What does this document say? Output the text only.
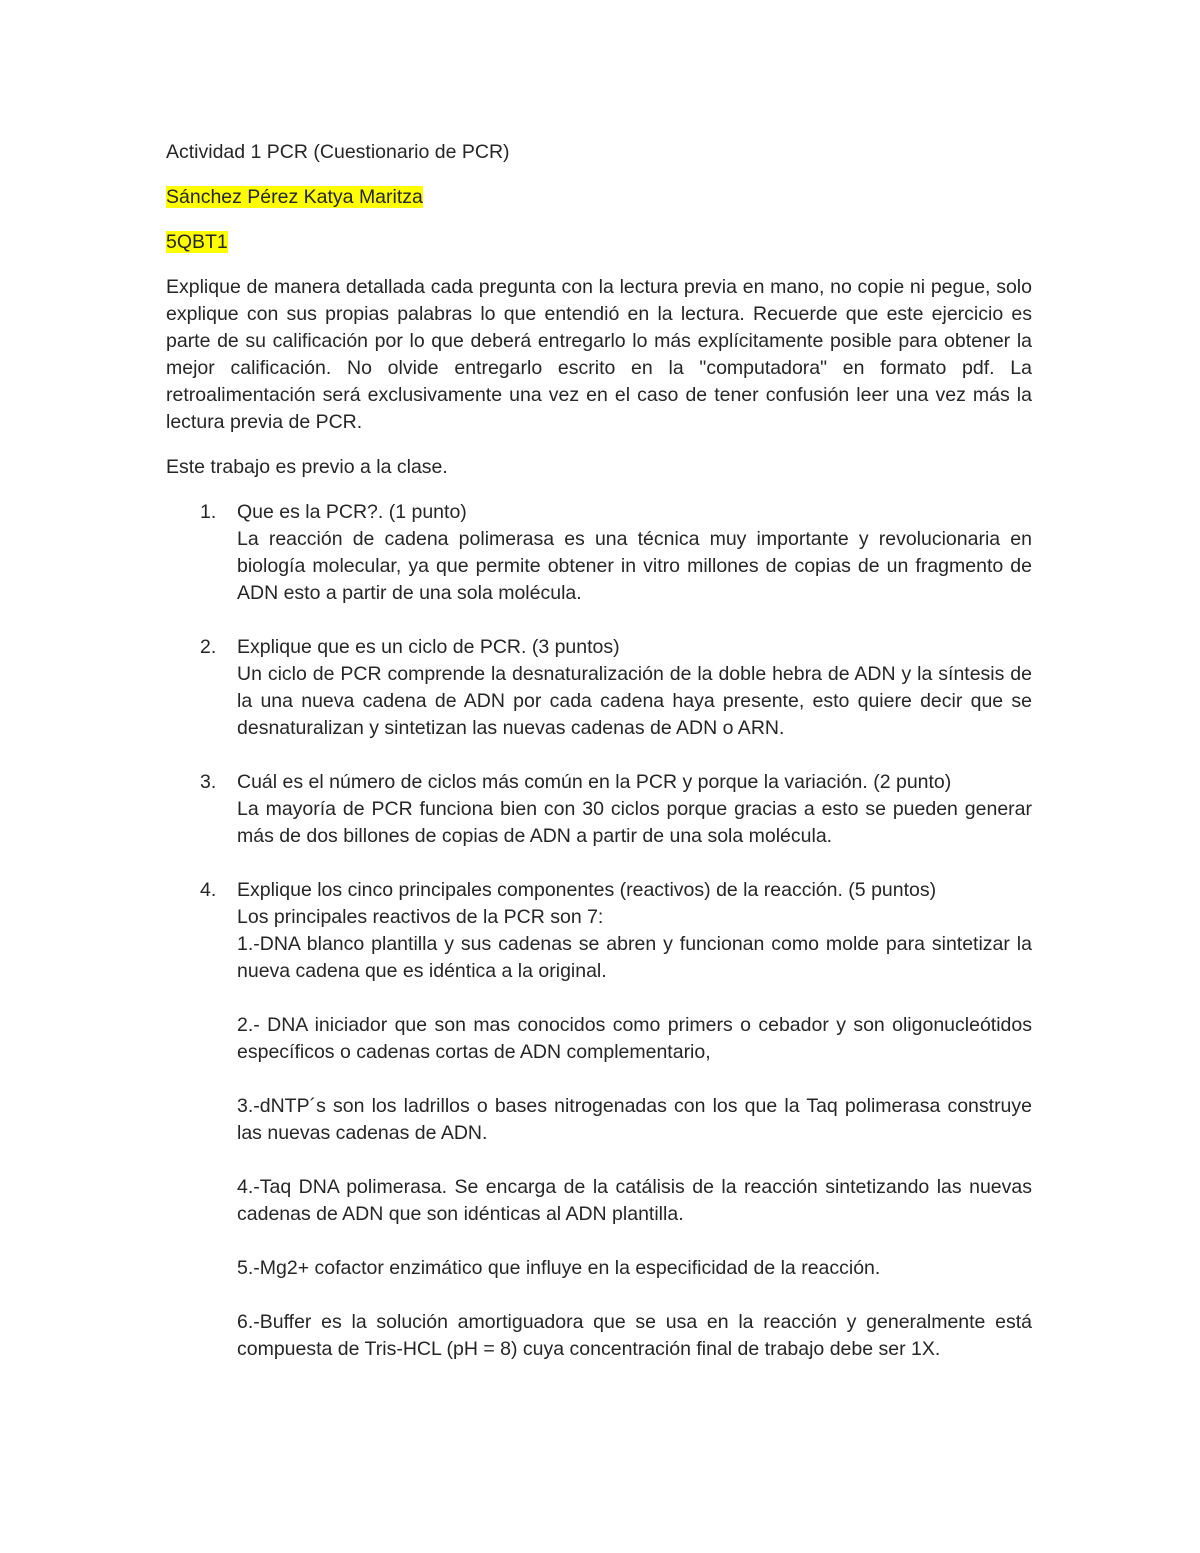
Actividad 1 PCR (Cuestionario de PCR)
Sánchez Pérez Katya Maritza
5QBT1
Explique de manera detallada cada pregunta con la lectura previa en mano, no copie ni pegue, solo explique con sus propias palabras lo que entendió en la lectura. Recuerde que este ejercicio es parte de su calificación por lo que deberá entregarlo lo más explícitamente posible para obtener la mejor calificación. No olvide entregarlo escrito en la "computadora" en formato pdf. La retroalimentación será exclusivamente una vez en el caso de tener confusión leer una vez más la lectura previa de PCR.
Este trabajo es previo a la clase.
1. Que es la PCR?. (1 punto)
La reacción de cadena polimerasa es una técnica muy importante y revolucionaria en biología molecular, ya que permite obtener in vitro millones de copias de un fragmento de ADN esto a partir de una sola molécula.
2. Explique que es un ciclo de PCR. (3 puntos)
Un ciclo de PCR comprende la desnaturalización de la doble hebra de ADN y la síntesis de la una nueva cadena de ADN por cada cadena haya presente, esto quiere decir que se desnaturalizan y sintetizan las nuevas cadenas de ADN o ARN.
3. Cuál es el número de ciclos más común en la PCR y porque la variación. (2 punto)
La mayoría de PCR funciona bien con 30 ciclos porque gracias a esto se pueden generar más de dos billones de copias de ADN a partir de una sola molécula.
4. Explique los cinco principales componentes (reactivos) de la reacción. (5 puntos)
Los principales reactivos de la PCR son 7:
1.-DNA blanco plantilla y sus cadenas se abren y funcionan como molde para sintetizar la nueva cadena que es idéntica a la original.
2.- DNA iniciador que son mas conocidos como primers o cebador y son oligonucleótidos específicos o cadenas cortas de ADN complementario,
3.-dNTP´s son los ladrillos o bases nitrogenadas con los que la Taq polimerasa construye las nuevas cadenas de ADN.
4.-Taq DNA polimerasa. Se encarga de la catálisis de la reacción sintetizando las nuevas cadenas de ADN que son idénticas al ADN plantilla.
5.-Mg2+ cofactor enzimático que influye en la especificidad de la reacción.
6.-Buffer es la solución amortiguadora que se usa en la reacción y generalmente está compuesta de Tris-HCL (pH = 8) cuya concentración final de trabajo debe ser 1X.
